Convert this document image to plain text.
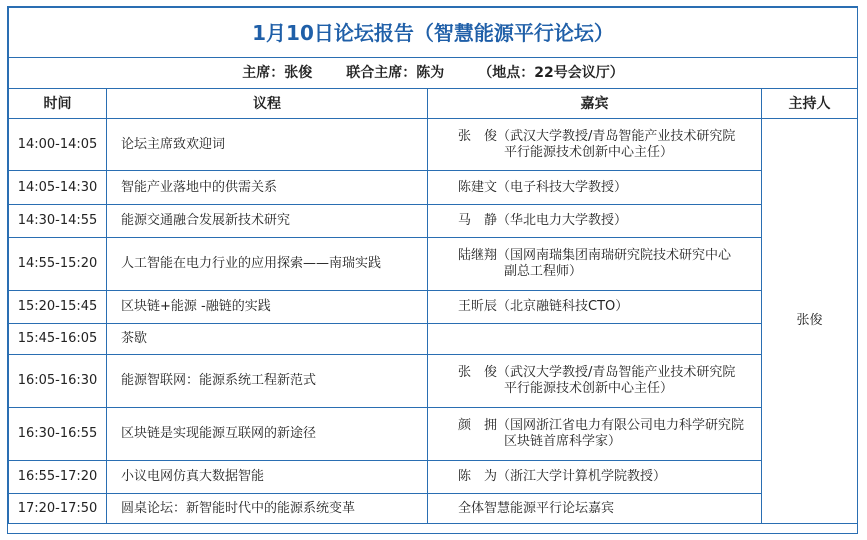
1月10日论坛报告（智慧能源平行论坛）			
主席：张俊 联合主席：陈为 （地点：22号会议厅）			
时间	议程	嘉宾	主持人
14:00-14:05	论坛主席致欢迎词	张　俊（武汉大学教授/青岛智能产业技术研究院
平行能源技术创新中心主任）	张俊
14:05-14:30	智能产业落地中的供需关系	陈建文（电子科技大学教授）	
14:30-14:55	能源交通融合发展新技术研究	马　静（华北电力大学教授）	
14:55-15:20	人工智能在电力行业的应用探索——南瑞实践	陆继翔（国网南瑞集团南瑞研究院技术研究中心
副总工程师）	

15:20-15:45	区块链+能源 -融链的实践	王昕辰（北京融链科技CTO）	
15:45-16:05	茶歇		
16:05-16:30	能源智联网：能源系统工程新范式	张　俊（武汉大学教授/青岛智能产业技术研究院
平行能源技术创新中心主任）	

16:30-16:55	区块链是实现能源互联网的新途径	颜　拥（国网浙江省电力有限公司电力科学研究院
区块链首席科学家）	

16:55-17:20	小议电网仿真大数据智能	陈　为（浙江大学计算机学院教授）	
17:20-17:50	圆桌论坛：新智能时代中的能源系统变革	全体智慧能源平行论坛嘉宾	
